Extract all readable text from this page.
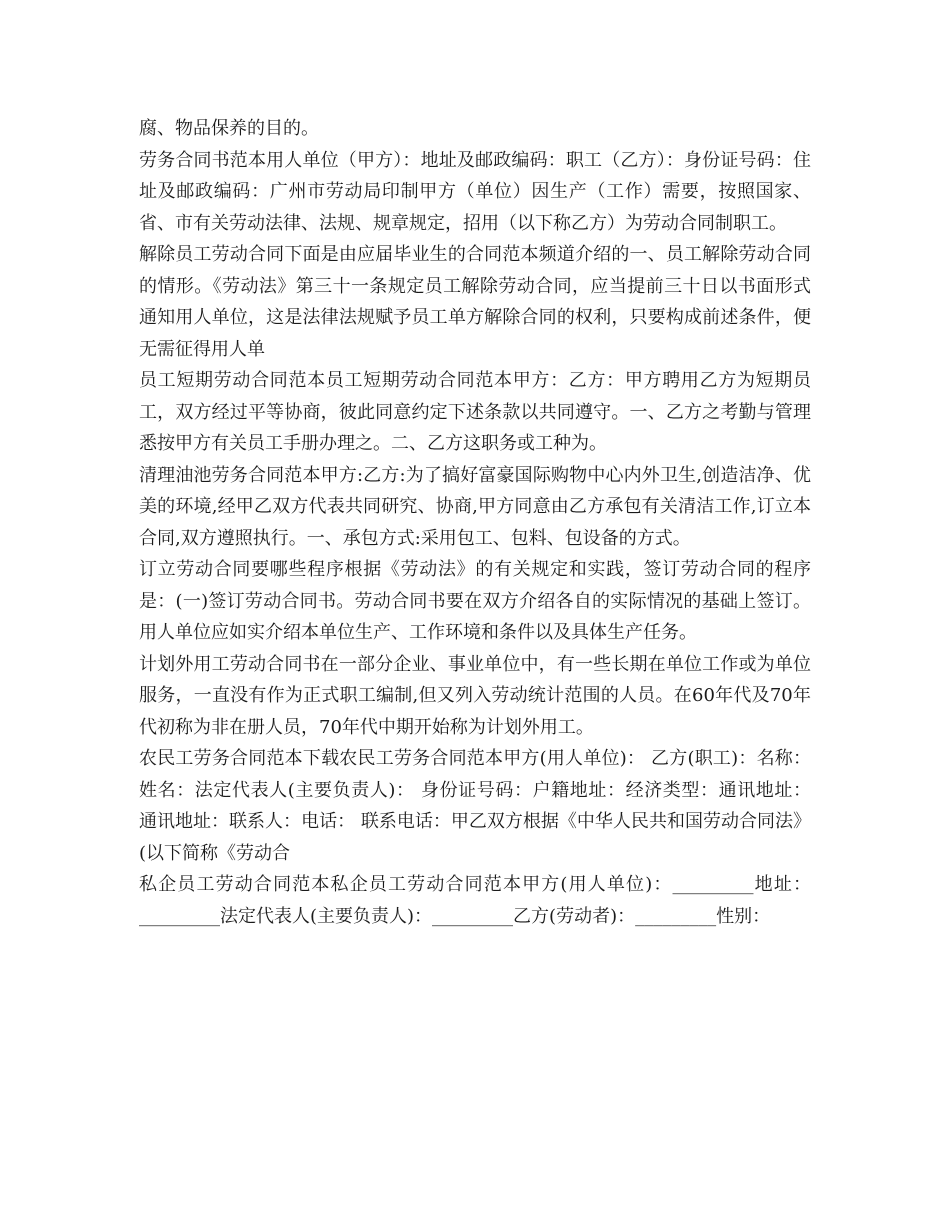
腐、物品保养的目的。

劳务合同书范本用人单位（甲方）：地址及邮政编码：职工（乙方）：身份证号码：住址及邮政编码：广州市劳动局印制甲方（单位）因生产（工作）需要，按照国家、省、市有关劳动法律、法规、规章规定，招用（以下称乙方）为劳动合同制职工。

解除员工劳动合同下面是由应届毕业生的合同范本频道介绍的一、员工解除劳动合同的情形。《劳动法》第三十一条规定员工解除劳动合同，应当提前三十日以书面形式通知用人单位，这是法律法规赋予员工单方解除合同的权利，只要构成前述条件，便无需征得用人单

员工短期劳动合同范本员工短期劳动合同范本甲方：乙方：甲方聘用乙方为短期员工，双方经过平等协商，彼此同意约定下述条款以共同遵守。一、乙方之考勤与管理悉按甲方有关员工手册办理之。二、乙方这职务或工种为。

清理油池劳务合同范本甲方:乙方:为了搞好富豪国际购物中心内外卫生,创造洁净、优美的环境,经甲乙双方代表共同研究、协商,甲方同意由乙方承包有关清洁工作,订立本合同,双方遵照执行。一、承包方式:采用包工、包料、包设备的方式。

订立劳动合同要哪些程序根据《劳动法》的有关规定和实践，签订劳动合同的程序是：(一)签订劳动合同书。劳动合同书要在双方介绍各自的实际情况的基础上签订。用人单位应如实介绍本单位生产、工作环境和条件以及具体生产任务。

计划外用工劳动合同书在一部分企业、事业单位中，有一些长期在单位工作或为单位服务，一直没有作为正式职工编制,但又列入劳动统计范围的人员。在60年代及70年代初称为非在册人员，70年代中期开始称为计划外用工。

农民工劳务合同范本下载农民工劳务合同范本甲方(用人单位)： 乙方(职工)：名称： 姓名：法定代表人(主要负责人)： 身份证号码：户籍地址：经济类型：通讯地址： 通讯地址：联系人：电话： 联系电话：甲乙双方根据《中华人民共和国劳动合同法》(以下简称《劳动合

私企员工劳动合同范本私企员工劳动合同范本甲方(用人单位)：_________地址：_________法定代表人(主要负责人)：_________乙方(劳动者)：_________性别：
